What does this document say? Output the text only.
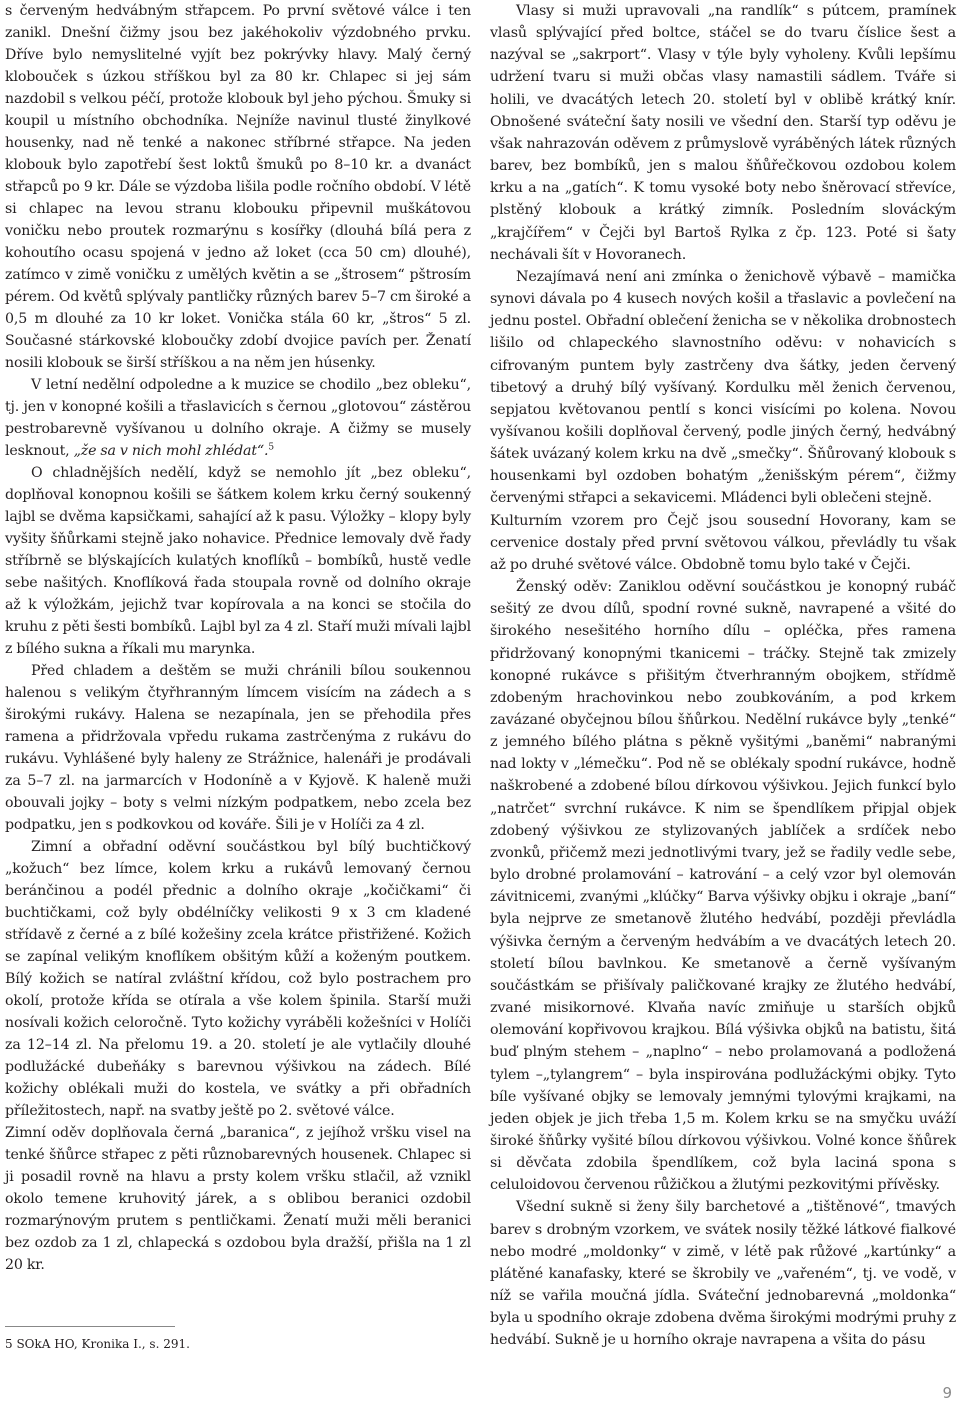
s červeným hedvábným střapcem. Po první světové válce i ten zanikl. Dnešní čižmy jsou bez jakéhokoliv výzdobného prvku. Dříve bylo nemyslitelné vyjít bez pokrývky hlavy. Malý černý klobouček s úzkou stříškou byl za 80 kr. Chlapec si jej sám nazdobil s velkou péčí, protože klobouk byl jeho pýchou. Šmuky si koupil u místního obchodníka. Nejníže navinul tlusté žinylkové housenky, nad ně tenké a nakonec stříbrné střapce. Na jeden klobouk bylo zapotřebí šest loktů šmuků po 8–10 kr. a dvanáct střapců po 9 kr. Dále se výzdoba lišila podle ročního období. V létě si chlapec na levou stranu klobouku připevnil muškátovou voničku nebo proutek rozmarýnu s kosířky (dlouhá bílá pera z kohoutího ocasu spojená v jedno až loket (cca 50 cm) dlouhé), zatímco v zimě voničku z umělých květin a se „štrosem“ pštrosím pérem. Od květů splývaly pantličky různých barev 5–7 cm široké a 0,5 m dlouhé za 10 kr loket. Vonička stála 60 kr, „štros“ 5 zl. Současné stárkovské kloboučky zdobí dvojice pavích per. Ženatí nosili klobouk se širší stříškou a na něm jen húsenky.

V letní nedělní odpoledne a k muzice se chodilo „bez obleku“, tj. jen v konopné košili a třaslavicích s černou „glotovou“ zástěrou pestrobarevně vyšívanou u dolního okraje. A čižmy se musely lesknout, „že sa v nich mohl zhlédat“.$^5$

O chladnějších nedělí, když se nemohlo jít „bez obleku“, doplňoval konopnou košili se šátkem kolem krku černý soukenný lajbl se dvěma kapsičkami, sahající až k pasu. Výložky – klopy byly vyšity šňůrkami stejně jako nohavice. Přednice lemovaly dvě řady stříbrně se blýskajících kulatých knoflíků – bombíků, hustě vedle sebe našitých. Knoflíková řada stoupala rovně od dolního okraje až k výložkám, jejichž tvar kopírovala a na konci se stočila do kruhu z pěti šesti bombíků. Lajbl byl za 4 zl. Staří muži mívali lajbl z bílého sukna a říkali mu marynka.

Před chladem a deštěm se muži chránili bílou soukennou halenou s velikým čtyřhranným límcem visícím na zádech a s širokými rukávy. Halena se nezapínala, jen se přehodila přes ramena a přidržovala vpředu rukama zastrčenýma z rukávu do rukávu. Vyhlášené byly haleny ze Strážnice, halenáři je prodávali za 5–7 zl. na jarmarcích v Hodoníně a v Kyjově. K haleně muži obouvali jojky – boty s velmi nízkým podpatkem, nebo zcela bez podpatku, jen s podkovkou od kováře. Šili je v Holíči za 4 zl.

Zimní a obřadní oděvní součástkou byl bílý buchtičkový „kožuch“ bez límce, kolem krku a rukávů lemovaný černou beránčinou a podél přednic a dolního okraje „kočičkami“ či buchtičkami, což byly obdélníčky velikosti 9 x 3 cm kladené střídavě z černé a z bílé kožešiny zcela krátce přistřižené. Kožich se zapínal velikým knoflíkem obšitým kůží a koženým poutkem. Bílý kožich se natíral zvláštní křídou, což bylo postrachem pro okolí, protože křída se otírala a vše kolem špinila. Starší muži nosívali kožich celoročně. Tyto kožichy vyráběli kožešníci v Holíči za 12–14 zl. Na přelomu 19. a 20. století je ale vytlačily dlouhé podlužácké dubeňáky s barevnou výšivkou na zádech. Bílé kožichy oblékali muži do kostela, ve svátky a při obřadních příležitostech, např. na svatby ještě po 2. světové válce.

Zimní oděv doplňovala černá „baranica“, z jejíhož vršku visel na tenké šňůrce střapec z pěti různobarevných housenek. Chlapec si ji posadil rovně na hlavu a prsty kolem vršku stlačil, až vznikl okolo temene kruhovitý járek, a s oblibou beranici ozdobil rozmarýnovým prutem s pentličkami. Ženatí muži měli beranici bez ozdob za 1 zl, chlapecká s ozdobou byla dražší, přišla na 1 zl 20 kr.

Vlasy si muži upravovali „na randlík“ s pútcem, pramínek vlasů splývající před boltce, stáčel se do tvaru číslice šest a nazýval se „sakrport“. Vlasy v týle byly vyholeny. Kvůli lepšímu udržení tvaru si muži občas vlasy namastili sádlem. Tváře si holili, ve dvacátých letech 20. století byl v oblibě krátký knír. Obnošené sváteční šaty nosili ve všední den. Starší typ oděvu je však nahrazován oděvem z průmyslově vyráběných látek různých barev, bez bombíků, jen s malou šňůřečkovou ozdobou kolem krku a na „gatích“. K tomu vysoké boty nebo šněrovací střevíce, plstěný klobouk a krátký zimník. Posledním slováckým „krajčířem“ v Čejči byl Bartoš Rylka z čp. 123. Poté si šaty nechávali šít v Hovoranech.

Nezajímavá není ani zmínka o ženichově výbavě – mamička synovi dávala po 4 kusech nových košil a třaslavic a povlečení na jednu postel. Obřadní oblečení ženicha se v několika drobnostech lišilo od chlapeckého slavnostního oděvu: v nohavicích s cifrovaným puntem byly zastrčeny dva šátky, jeden červený tibetový a druhý bílý vyšívaný. Kordulku měl ženich červenou, sepjatou květovanou pentlí s konci visícími po kolena. Novou vyšívanou košili doplňoval červený, podle jiných černý, hedvábný šátek uvázaný kolem krku na dvě „smečky“. Šňůrovaný klobouk s housenkami byl ozdoben bohatým „ženišským pérem“, čižmy červenými střapci a sekavicemi. Mládenci byli oblečeni stejně.

Kulturním vzorem pro Čejč jsou sousední Hovorany, kam se cervenice dostaly před první světovou válkou, převládly tu však až po druhé světové válce. Obdobně tomu bylo také v Čejči.

Ženský oděv: Zaniklou oděvní součástkou je konopný rubáč sešitý ze dvou dílů, spodní rovné sukně, navrapené a všité do širokého nesešitého horního dílu – opléčka, přes ramena přidržovaný konopnými tkanicemi – tráčky. Stejně tak zmizely konopné rukávce s přišitým čtverhranným obojkem, střídmě zdobeným hrachovinkou nebo zoubkováním, a pod krkem zavázané obyčejnou bílou šňůrkou. Nedělní rukávce byly „tenké“ z jemného bílého plátna s pěkně vyšitými „baněmi“ nabranými nad lokty v „lémečku“. Pod ně se oblékaly spodní rukávce, hodně naškrobené a zdobené bílou dírkovou výšivkou. Jejich funkcí bylo „natrčet“ svrchní rukávce. K nim se špendlíkem připjal objek zdobený výšivkou ze stylizovaných jablíček a srdíček nebo zvonků, přičemž mezi jednotlivými tvary, jež se řadily vedle sebe, bylo drobné prolamování – katrování – a celý vzor byl olemován závitnicemi, zvanými „klúčky“ Barva výšivky objku i okraje „baní“ byla nejprve ze smetanově žlutého hedvábí, později převládla výšivka černým a červeným hedvábím a ve dvacátých letech 20. století bílou bavlnkou. Ke smetanově a černě vyšívaným součástkám se přišívaly paličkované krajky ze žlutého hedvábí, zvané misikornové. Klvaňa navíc zmiňuje u starších objků olemování kopřivovou krajkou. Bílá výšivka objků na batistu, šitá buď plným stehem – „naplno“ – nebo prolamovaná a podložená tylem –„tylangrem“ – byla inspirována podlužáckými objky. Tyto bíle vyšívané objky se lemovaly jemnými tylovými krajkami, na jeden objek je jich třeba 1,5 m. Kolem krku se na smyčku uváží široké šňůrky vyšité bílou dírkovou výšivkou. Volné konce šňůrek si děvčata zdobila špendlíkem, což byla laciná spona s celuloidovou červenou růžičkou a žlutými pezkovitými přívěsky.

Všední sukně si ženy šily barchetové a „tištěnové“, tmavých barev s drobným vzorkem, ve svátek nosily těžké látkové fialkové nebo modré „moldonky“ v zimě, v létě pak růžové „kartúnky“ a plátěné kanafasky, které se škrobily ve „vařeném“, tj. ve vodě, v níž se vařila moučná jídla. Sváteční jednobarevná „moldonka“ byla u spodního okraje zdobena dvěma širokými modrými pruhy z hedvábí. Sukně je u horního okraje navrapena a všita do pásu

5 SOkA HO, Kronika I., s. 291.
9
